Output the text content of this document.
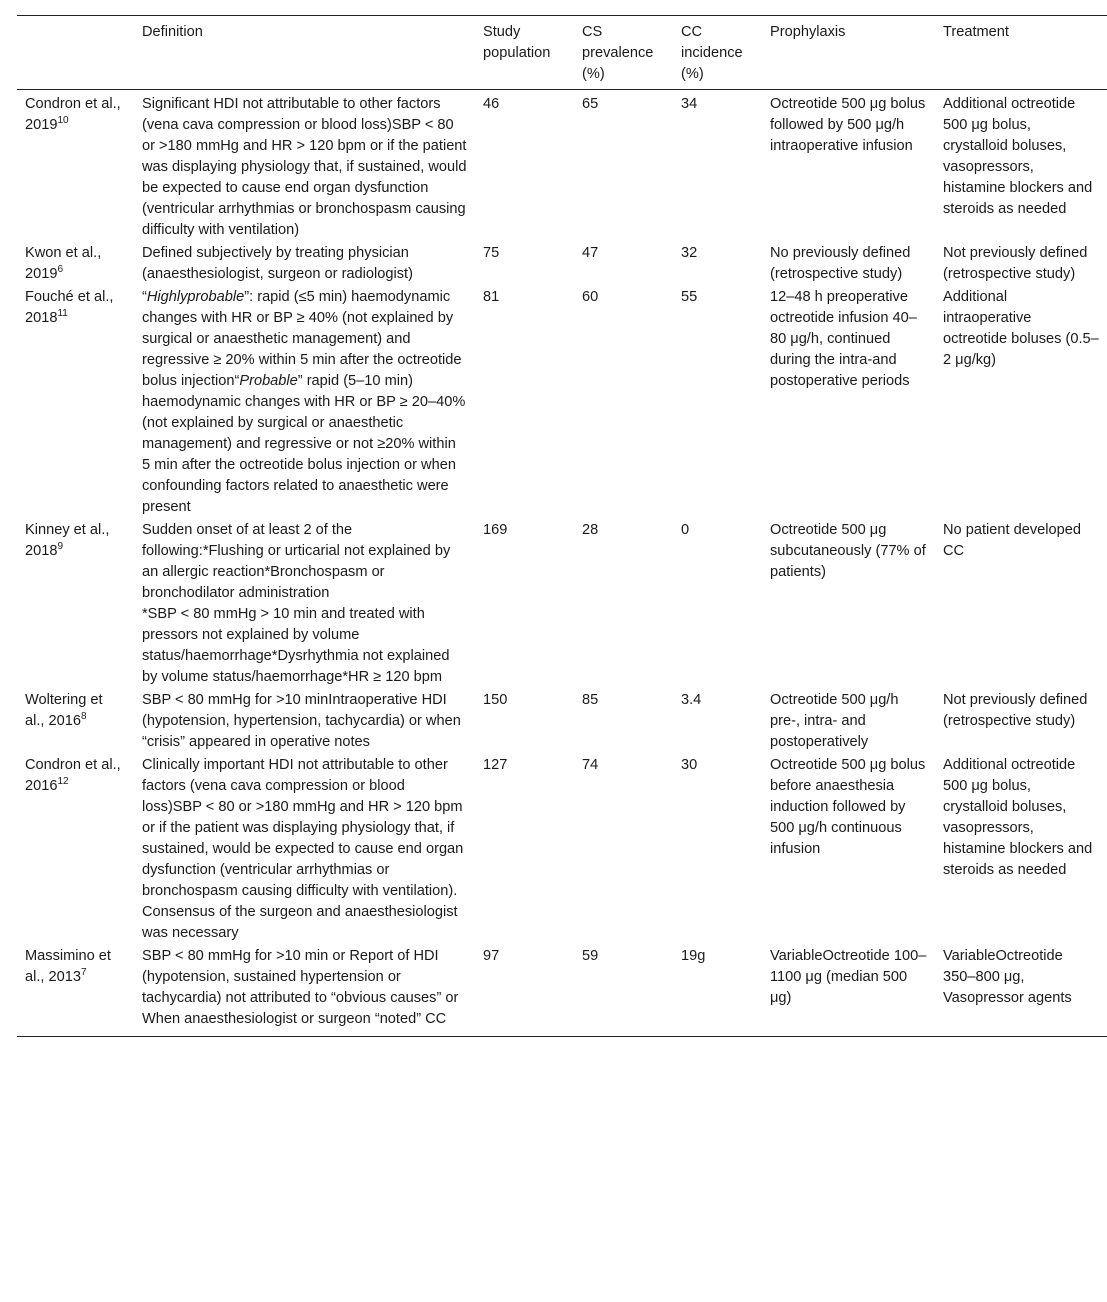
	Definition	Study population	CS prevalence (%)	CC incidence (%)	Prophylaxis	Treatment
Condron et al., 2019$^{10}$	Significant HDI not attributable to other factors (vena cava compression or blood loss)SBP < 80 or >180 mmHg and HR > 120 bpm or if the patient was displaying physiology that, if sustained, would be expected to cause end organ dysfunction (ventricular arrhythmias or bronchospasm causing difficulty with ventilation)	46	65	34	Octreotide 500 μg bolus followed by 500 μg/h intraoperative infusion	Additional octreotide 500 μg bolus, crystalloid boluses, vasopressors, histamine blockers and steroids as needed
Kwon et al., 2019$^6$	Defined subjectively by treating physician (anaesthesiologist, surgeon or radiologist)	75	47	32	No previously defined (retrospective study)	Not previously defined (retrospective study)
Fouché et al., 2018$^{11}$	“Highlyprobable”: rapid (≤5 min) haemodynamic changes with HR or BP ≥ 40% (not explained by surgical or anaesthetic management) and regressive ≥ 20% within 5 min after the octreotide bolus injection“Probable” rapid (5–10 min) haemodynamic changes with HR or BP ≥ 20–40% (not explained by surgical or anaesthetic management) and regressive or not ≥20% within 5 min after the octreotide bolus injection or when confounding factors related to anaesthetic were present	81	60	55	12–48 h preoperative octreotide infusion 40–80 μg/h, continued during the intra-and postoperative periods	Additional intraoperative octreotide boluses (0.5–2 μg/kg)
Kinney et al., 2018$^9$	Sudden onset of at least 2 of the following:*Flushing or urticarial not explained by an allergic reaction*Bronchospasm or bronchodilator administration
*SBP < 80 mmHg > 10 min and treated with pressors not explained by volume status/haemorrhage*Dysrhythmia not explained by volume status/haemorrhage*HR ≥ 120 bpm	169	28	0	Octreotide 500 μg subcutaneously (77% of patients)	No patient developed CC
Woltering et al., 2016$^8$	SBP < 80 mmHg for >10 minIntraoperative HDI (hypotension, hypertension, tachycardia) or when “crisis” appeared in operative notes	150	85	3.4	Octreotide 500 μg/h pre-, intra- and postoperatively	Not previously defined (retrospective study)
Condron et al., 2016$^{12}$	Clinically important HDI not attributable to other factors (vena cava compression or blood loss)SBP < 80 or >180 mmHg and HR > 120 bpm or if the patient was displaying physiology that, if sustained, would be expected to cause end organ dysfunction (ventricular arrhythmias or bronchospasm causing difficulty with ventilation). Consensus of the surgeon and anaesthesiologist was necessary	127	74	30	Octreotide 500 μg bolus before anaesthesia induction followed by 500 μg/h continuous infusion	Additional octreotide 500 μg bolus, crystalloid boluses, vasopressors, histamine blockers and steroids as needed
Massimino et al., 2013$^7$	SBP < 80 mmHg for >10 min or Report of HDI (hypotension, sustained hypertension or tachycardia) not attributed to “obvious causes” or When anaesthesiologist or surgeon “noted” CC	97	59	19g	VariableOctreotide 100–1100 μg (median 500 μg)	VariableOctreotide 350–800 μg, Vasopressor agents
